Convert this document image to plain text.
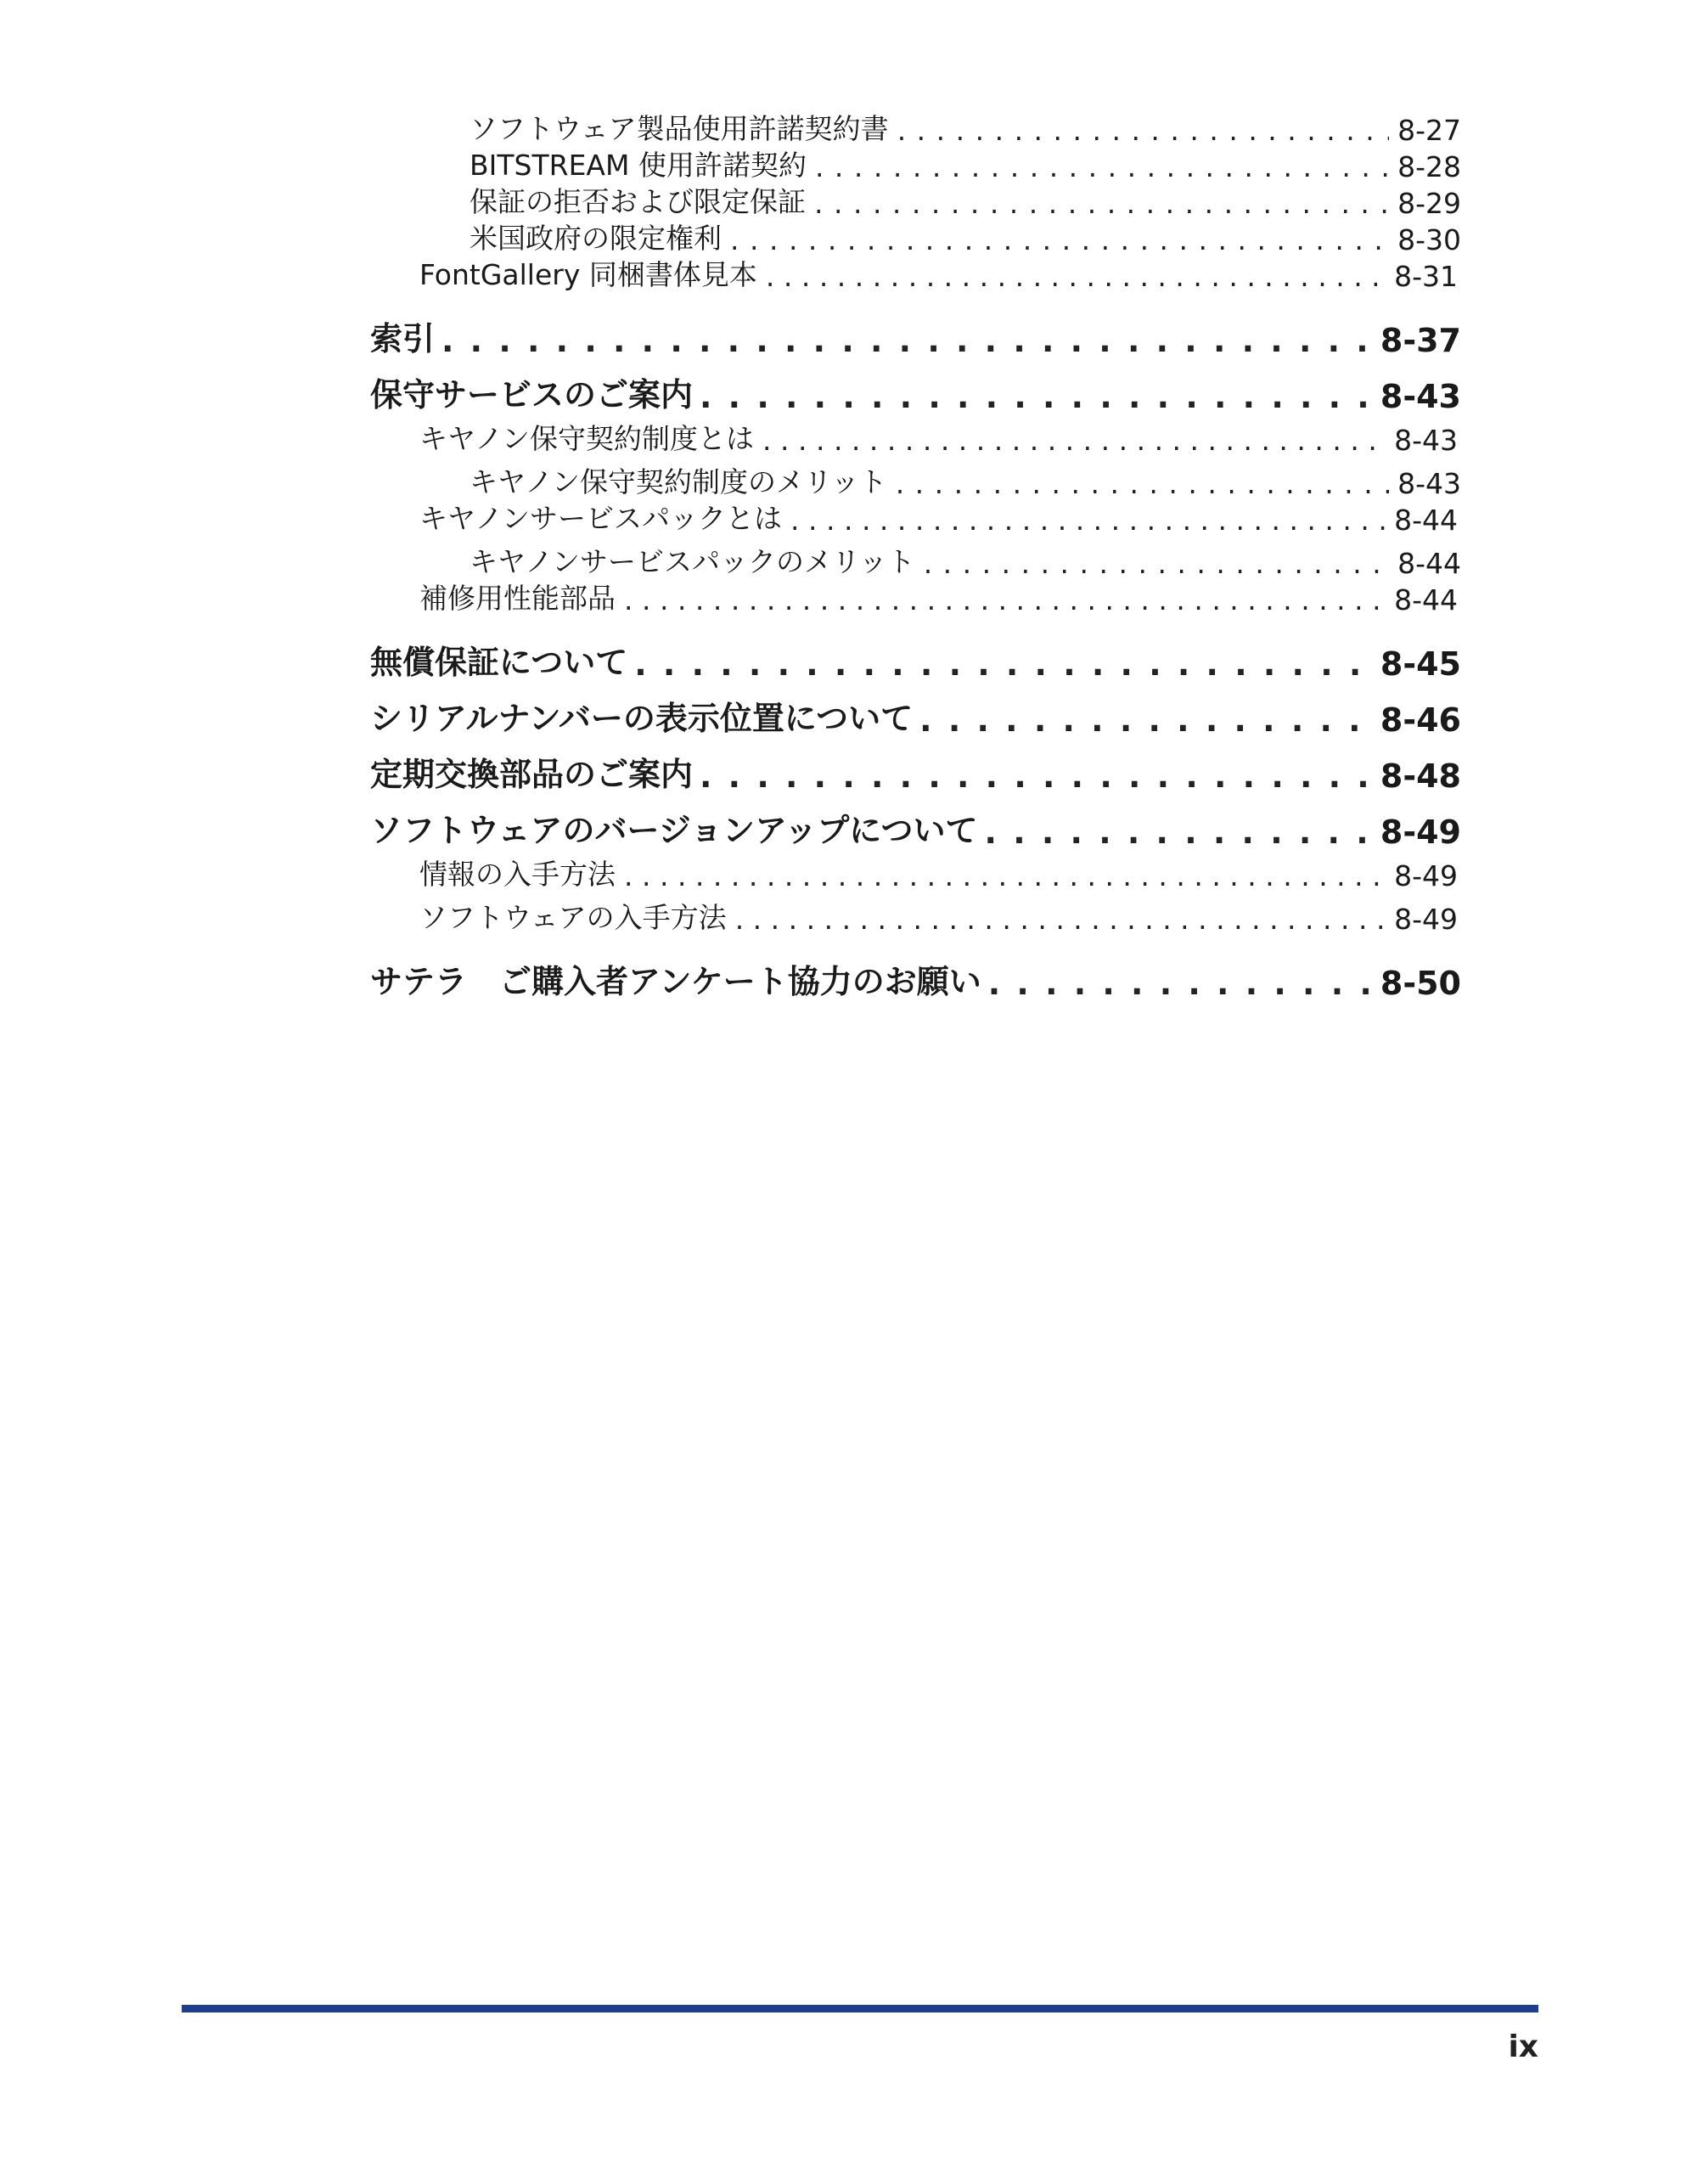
ソフトウェア製品使用許諾契約書 . . .	8-27
BITSTREAM 使用許諾契約 . . .	8-28
保証の拒否および限定保証 . . .	8-29
米国政府の限定権利 . . .	8-30
FontGallery 同梱書体見本 . . .	8-31
索引 . . .	8-37
保守サービスのご案内 . . .	8-43
キヤノン保守契約制度とは . . .	8-43
キヤノン保守契約制度のメリット . . .	8-43
キヤノンサービスパックとは . . .	8-44
キヤノンサービスパックのメリット . . .	8-44
補修用性能部品 . . .	8-44
無償保証について . . .	8-45
シリアルナンバーの表示位置について . . .	8-46
定期交換部品のご案内 . . .	8-48
ソフトウェアのバージョンアップについて . . .	8-49
情報の入手方法 . . .	8-49
ソフトウェアの入手方法 . . .	8-49
サテラ　ご購入者アンケート協力のお願い . . .	8-50
ix
